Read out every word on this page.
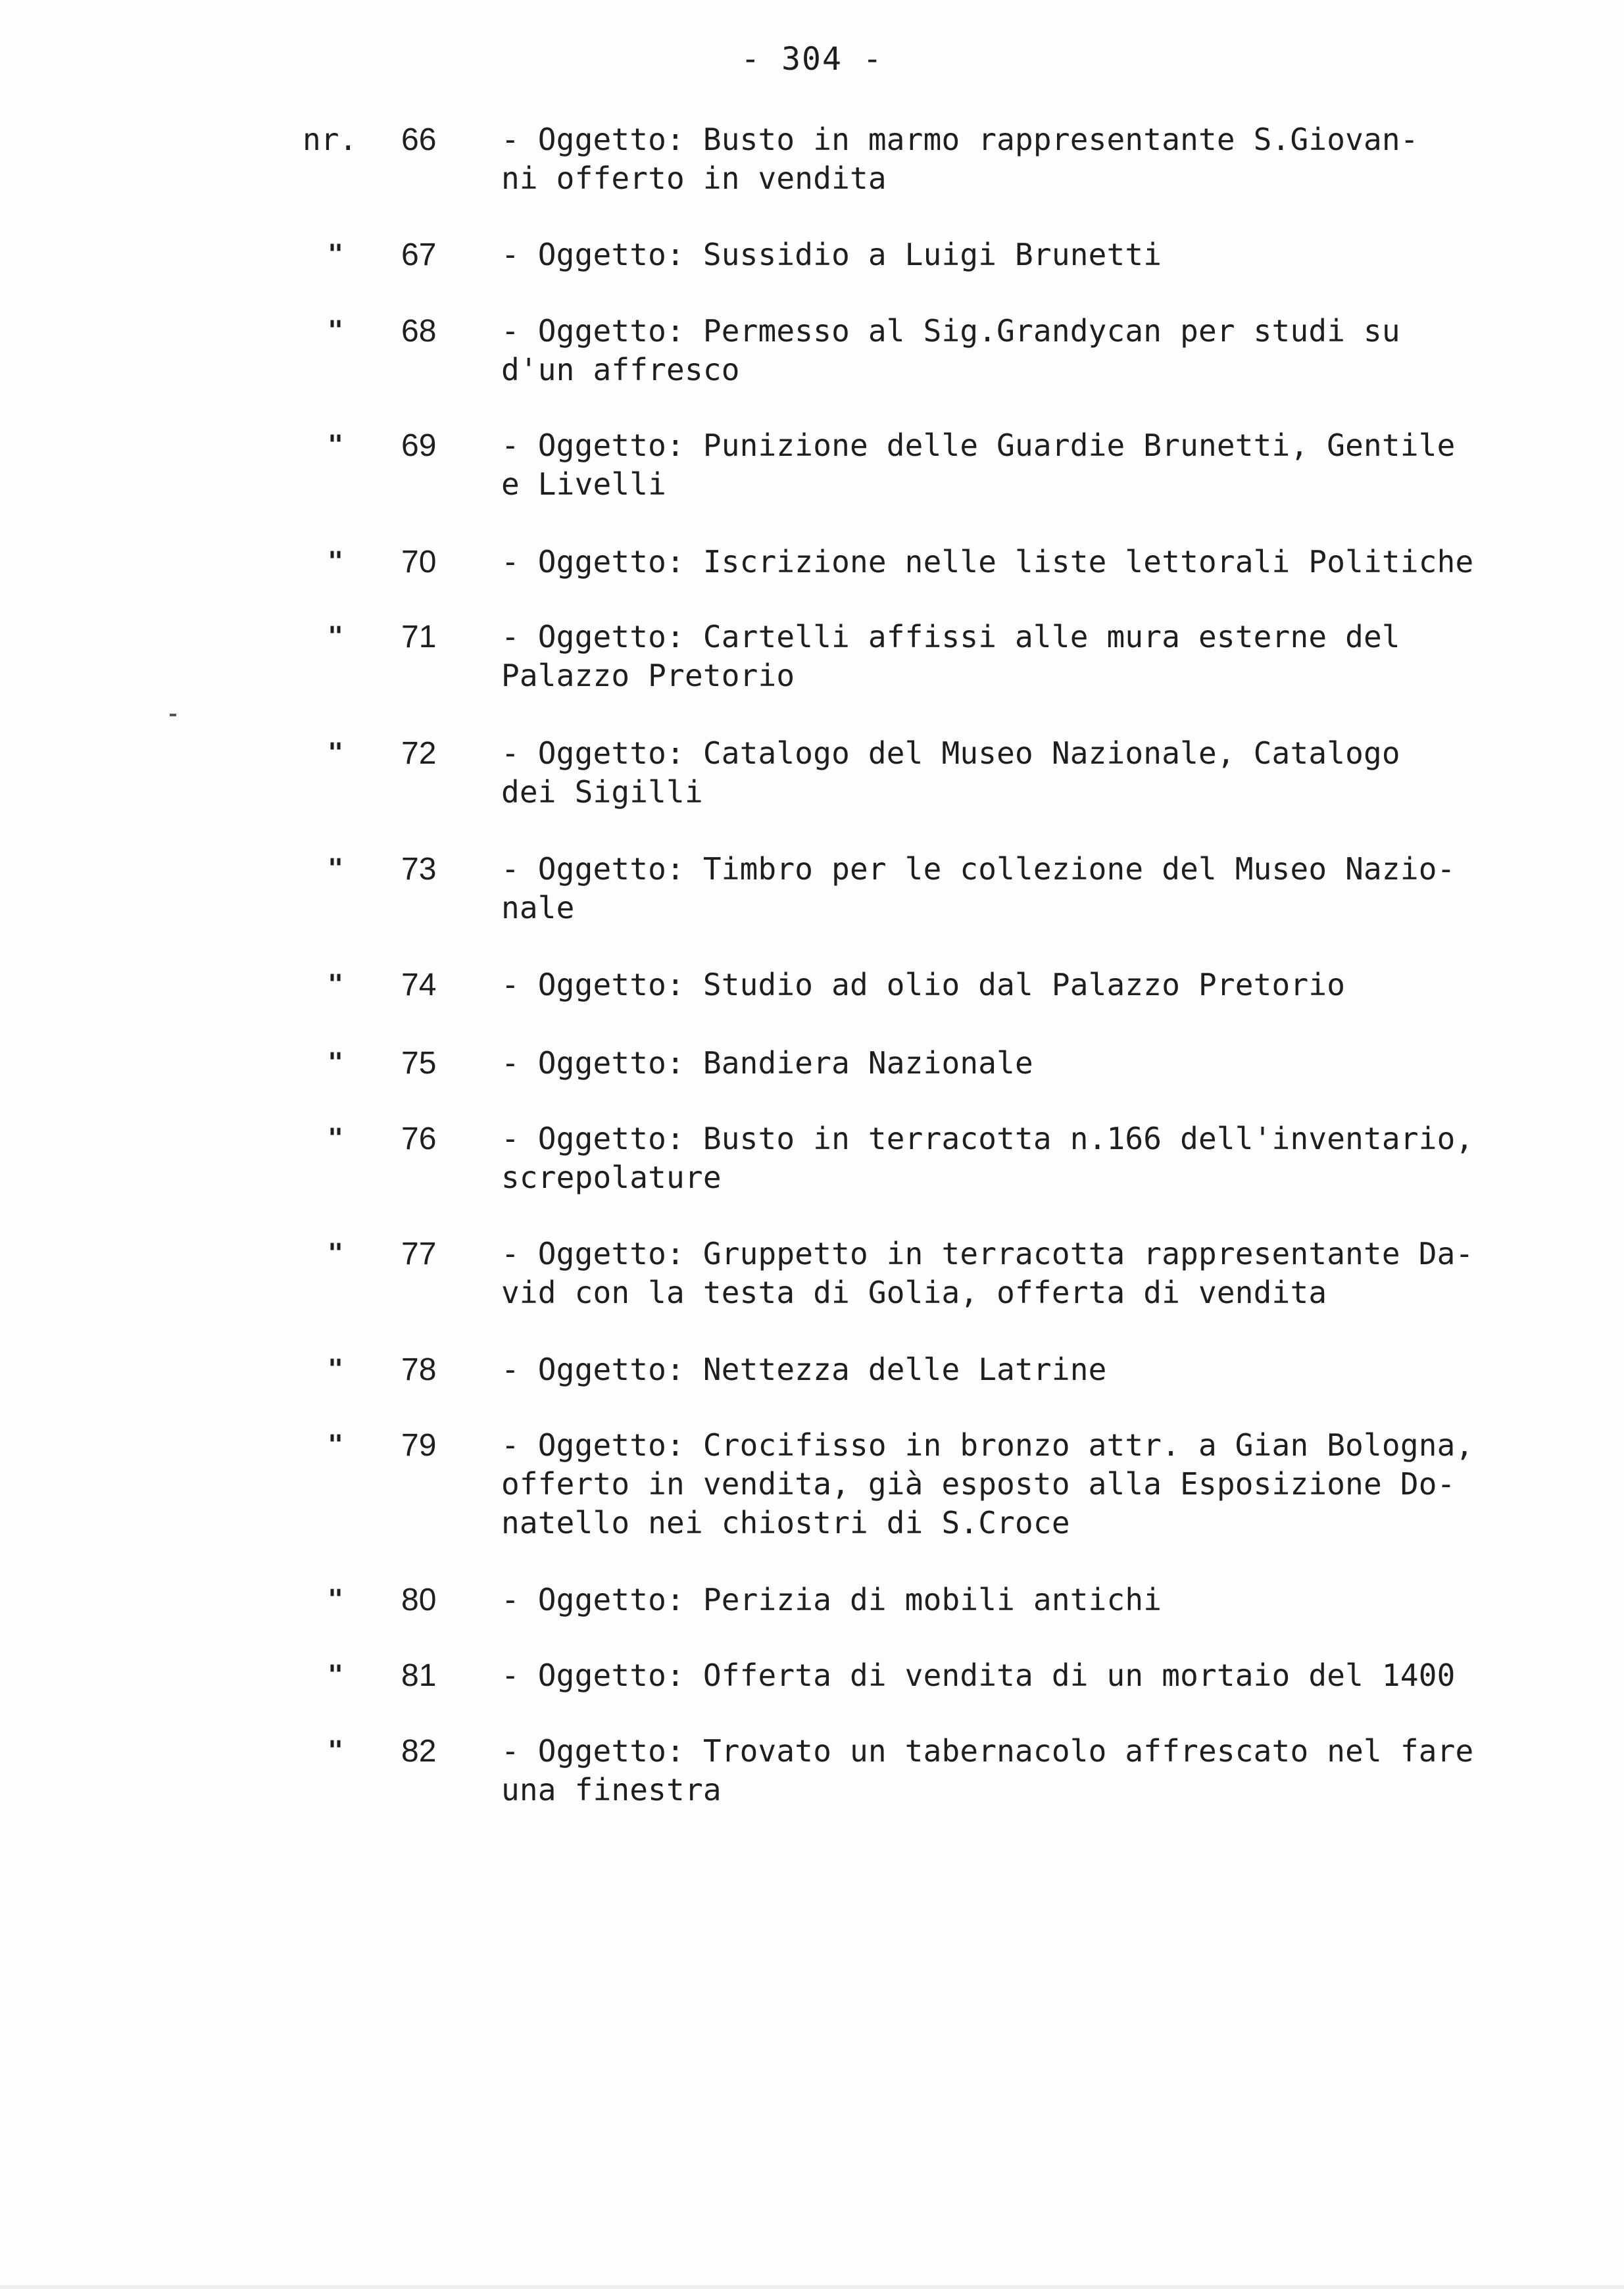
- 304 -
nr. 66 - Oggetto: Busto in marmo rappresentante S.Giovan-
ni offerto in vendita
" 67 - Oggetto: Sussidio a Luigi Brunetti
" 68 - Oggetto: Permesso al Sig.Grandycan per studi su
d'un affresco
" 69 - Oggetto: Punizione delle Guardie Brunetti, Gentile
e Livelli
" 70 - Oggetto: Iscrizione nelle liste lettorali Politiche
" 71 - Oggetto: Cartelli affissi alle mura esterne del
Palazzo Pretorio
" 72 - Oggetto: Catalogo del Museo Nazionale, Catalogo
dei Sigilli
" 73 - Oggetto: Timbro per le collezione del Museo Nazio-
nale
" 74 - Oggetto: Studio ad olio dal Palazzo Pretorio
" 75 - Oggetto: Bandiera Nazionale
" 76 - Oggetto: Busto in terracotta n.166 dell'inventario,
screpolature
" 77 - Oggetto: Gruppetto in terracotta rappresentante Da-
vid con la testa di Golia, offerta di vendita
" 78 - Oggetto: Nettezza delle Latrine
" 79 - Oggetto: Crocifisso in bronzo attr. a Gian Bologna,
offerto in vendita, già esposto alla Esposizione Do-
natello nei chiostri di S.Croce
" 80 - Oggetto: Perizia di mobili antichi
" 81 - Oggetto: Offerta di vendita di un mortaio del 1400
" 82 - Oggetto: Trovato un tabernacolo affrescato nel fare
una finestra
